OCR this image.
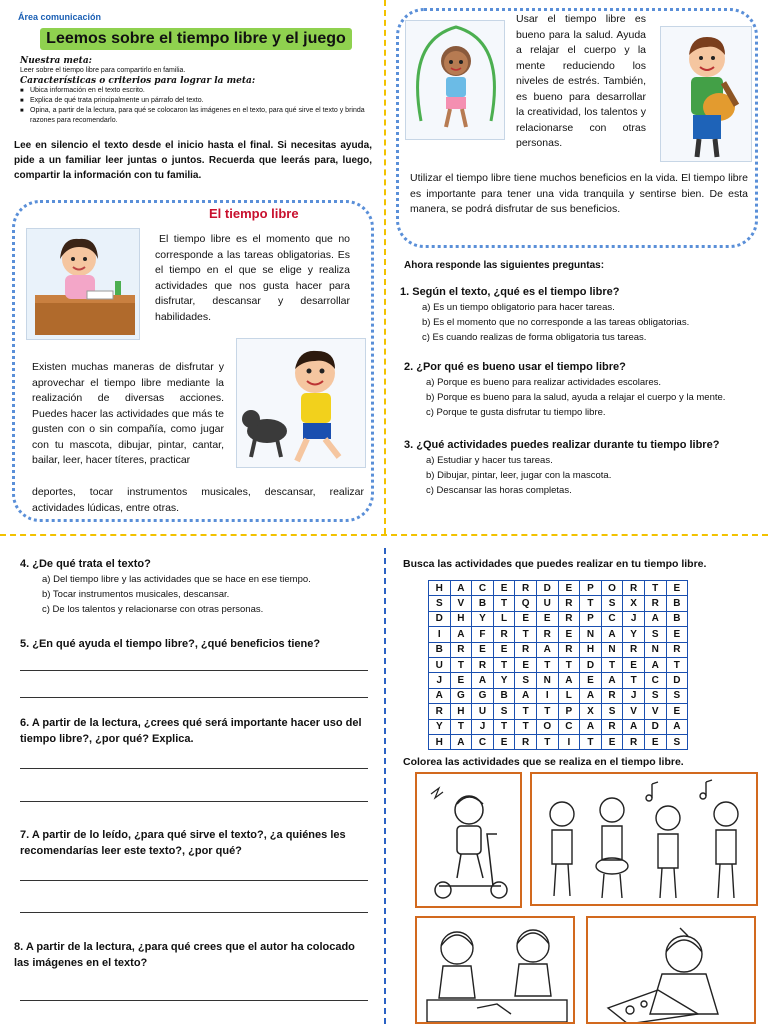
Área comunicación
Leemos sobre el tiempo libre y el juego
Nuestra meta:
Leer sobre el tiempo libre para compartirlo en familia.
Características o criterios para lograr la meta:
■ Ubica información en el texto escrito.
■ Explica de qué trata principalmente un párrafo del texto.
■ Opina, a partir de la lectura, para qué se colocaron las imágenes en el texto, para qué sirve el texto y brinda razones para recomendarlo.
Lee en silencio el texto desde el inicio hasta el final. Si necesitas ayuda, pide a un familiar leer juntas o juntos. Recuerda que leerás para, luego, compartir la información con tu familia.
El tiempo libre
El tiempo libre es el momento que no corresponde a las tareas obligatorias. Es el tiempo en el que se elige y realiza actividades que nos gusta hacer para disfrutar, descansar y desarrollar habilidades.
Existen muchas maneras de disfrutar y aprovechar el tiempo libre mediante la realización de diversas acciones. Puedes hacer las actividades que más te gusten con o sin compañía, como jugar con tu mascota, dibujar, pintar, cantar, bailar, leer, hacer títeres, practicar
deportes, tocar instrumentos musicales, descansar, realizar actividades lúdicas, entre otras.
Usar el tiempo libre es bueno para la salud. Ayuda a relajar el cuerpo y la mente reduciendo los niveles de estrés. También, es bueno para desarrollar la creatividad, los talentos y relacionarse con otras personas.
Utilizar el tiempo libre tiene muchos beneficios en la vida. El tiempo libre es importante para tener una vida tranquila y sentirse bien. De esta manera, se podrá disfrutar de sus beneficios.
Ahora responde las siguientes preguntas:
1. Según el texto, ¿qué es el tiempo libre?
a) Es un tiempo obligatorio para hacer tareas.
b) Es el momento que no corresponde a las tareas obligatorias.
c) Es cuando realizas de forma obligatoria tus tareas.
2. ¿Por qué es bueno usar el tiempo libre?
a) Porque es bueno para realizar actividades escolares.
b) Porque es bueno para la salud, ayuda a relajar el cuerpo y la mente.
c) Porque te gusta disfrutar tu tiempo libre.
3. ¿Qué actividades puedes realizar durante tu tiempo libre?
a) Estudiar y hacer tus tareas.
b) Dibujar, pintar, leer, jugar con la mascota.
c) Descansar las horas completas.
4. ¿De qué trata el texto?
a) Del tiempo libre y las actividades que se hace en ese tiempo.
b) Tocar instrumentos musicales, descansar.
c) De los talentos y relacionarse con otras personas.
5. ¿En qué ayuda el tiempo libre?, ¿qué beneficios tiene?
6. A partir de la lectura, ¿crees qué será importante hacer uso del tiempo libre?, ¿por qué? Explica.
7. A partir de lo leído, ¿para qué sirve el texto?, ¿a quiénes les recomendarías leer este texto?, ¿por qué?
8. A partir de la lectura, ¿para qué crees que el autor ha colocado las imágenes en el texto?
Busca las actividades que puedes realizar en tu tiempo libre.
H	A	C	E	R	D	E	P	O	R	T	E
S	V	B	T	Q	U	R	T	S	X	R	B
D	H	Y	L	E	E	R	P	C	J	A	B
I	A	F	R	T	R	E	N	A	Y	S	E
B	R	E	E	R	A	R	H	N	R	N	R
U	T	R	T	E	T	T	D	T	E	A	T
J	E	A	Y	S	N	A	E	A	T	C	D
A	G	G	B	A	I	L	A	R	J	S	S
R	H	U	S	T	T	P	X	S	V	V	E
Y	T	J	T	T	O	C	A	R	A	D	A
H	A	C	E	R	T	I	T	E	R	E	S
Colorea las actividades que se realiza en el tiempo libre.
